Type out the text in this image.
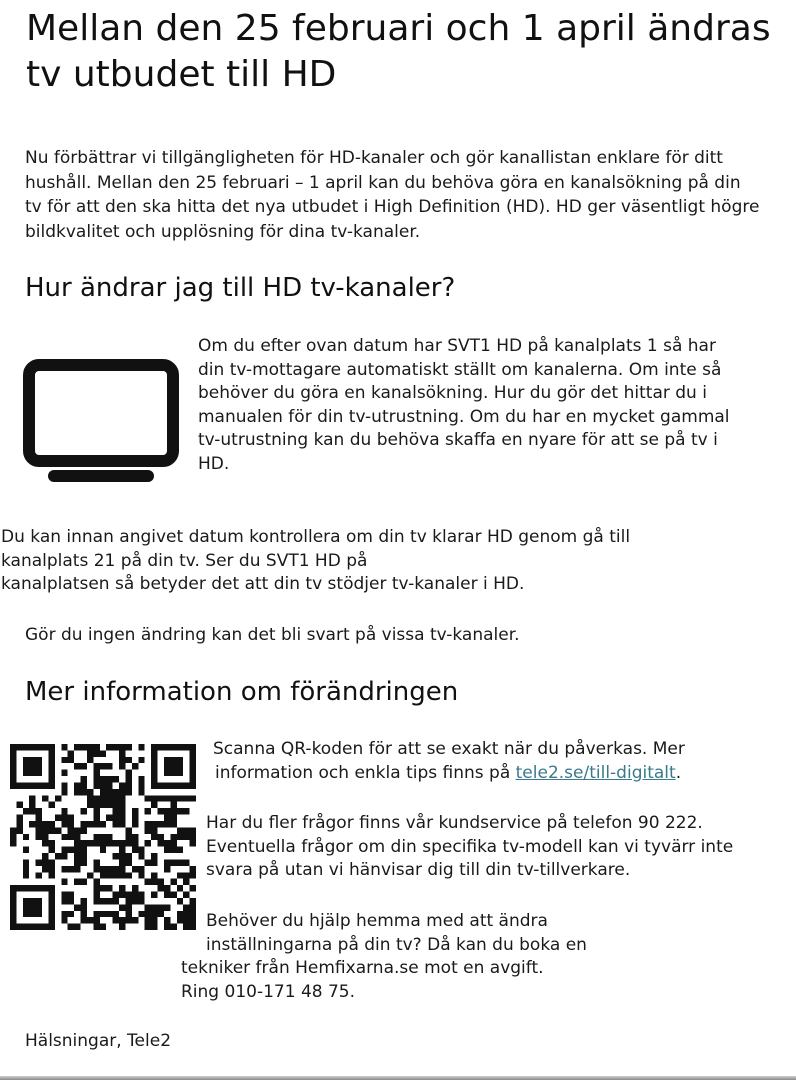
Mellan den 25 februari och 1 april ändras tv utbudet till HD

Nu förbättrar vi tillgängligheten för HD-kanaler och gör kanallistan enklare för ditt hushåll. Mellan den 25 februari – 1 april kan du behöva göra en kanalsökning på din tv för att den ska hitta det nya utbudet i High Definition (HD). HD ger väsentligt högre bildkvalitet och upplösning för dina tv-kanaler.

Hur ändrar jag till HD tv-kanaler?

Om du efter ovan datum har SVT1 HD på kanalplats 1 så har din tv-mottagare automatiskt ställt om kanalerna. Om inte så behöver du göra en kanalsökning. Hur du gör det hittar du i manualen för din tv-utrustning. Om du har en mycket gammal tv-utrustning kan du behöva skaffa en nyare för att se på tv i HD.

Du kan innan angivet datum kontrollera om din tv klarar HD genom gå till
kanalplats 21 på din tv. Ser du SVT1 HD på
kanalplatsen så betyder det att din tv stödjer tv-kanaler i HD.

Gör du ingen ändring kan det bli svart på vissa tv-kanaler.

Mer information om förändringen
Scanna QR-koden för att se exakt när du påverkas. Mer
information och enkla tips finns på tele2.se/till-digitalt.
Har du fler frågor finns vår kundservice på telefon 90 222.
Eventuella frågor om din specifika tv-modell kan vi tyvärr inte
svara på utan vi hänvisar dig till din tv-tillverkare.
Behöver du hjälp hemma med att ändra
inställningarna på din tv? Då kan du boka en
tekniker från Hemfixarna.se mot en avgift.
Ring 010-171 48 75.

Hälsningar, Tele2
